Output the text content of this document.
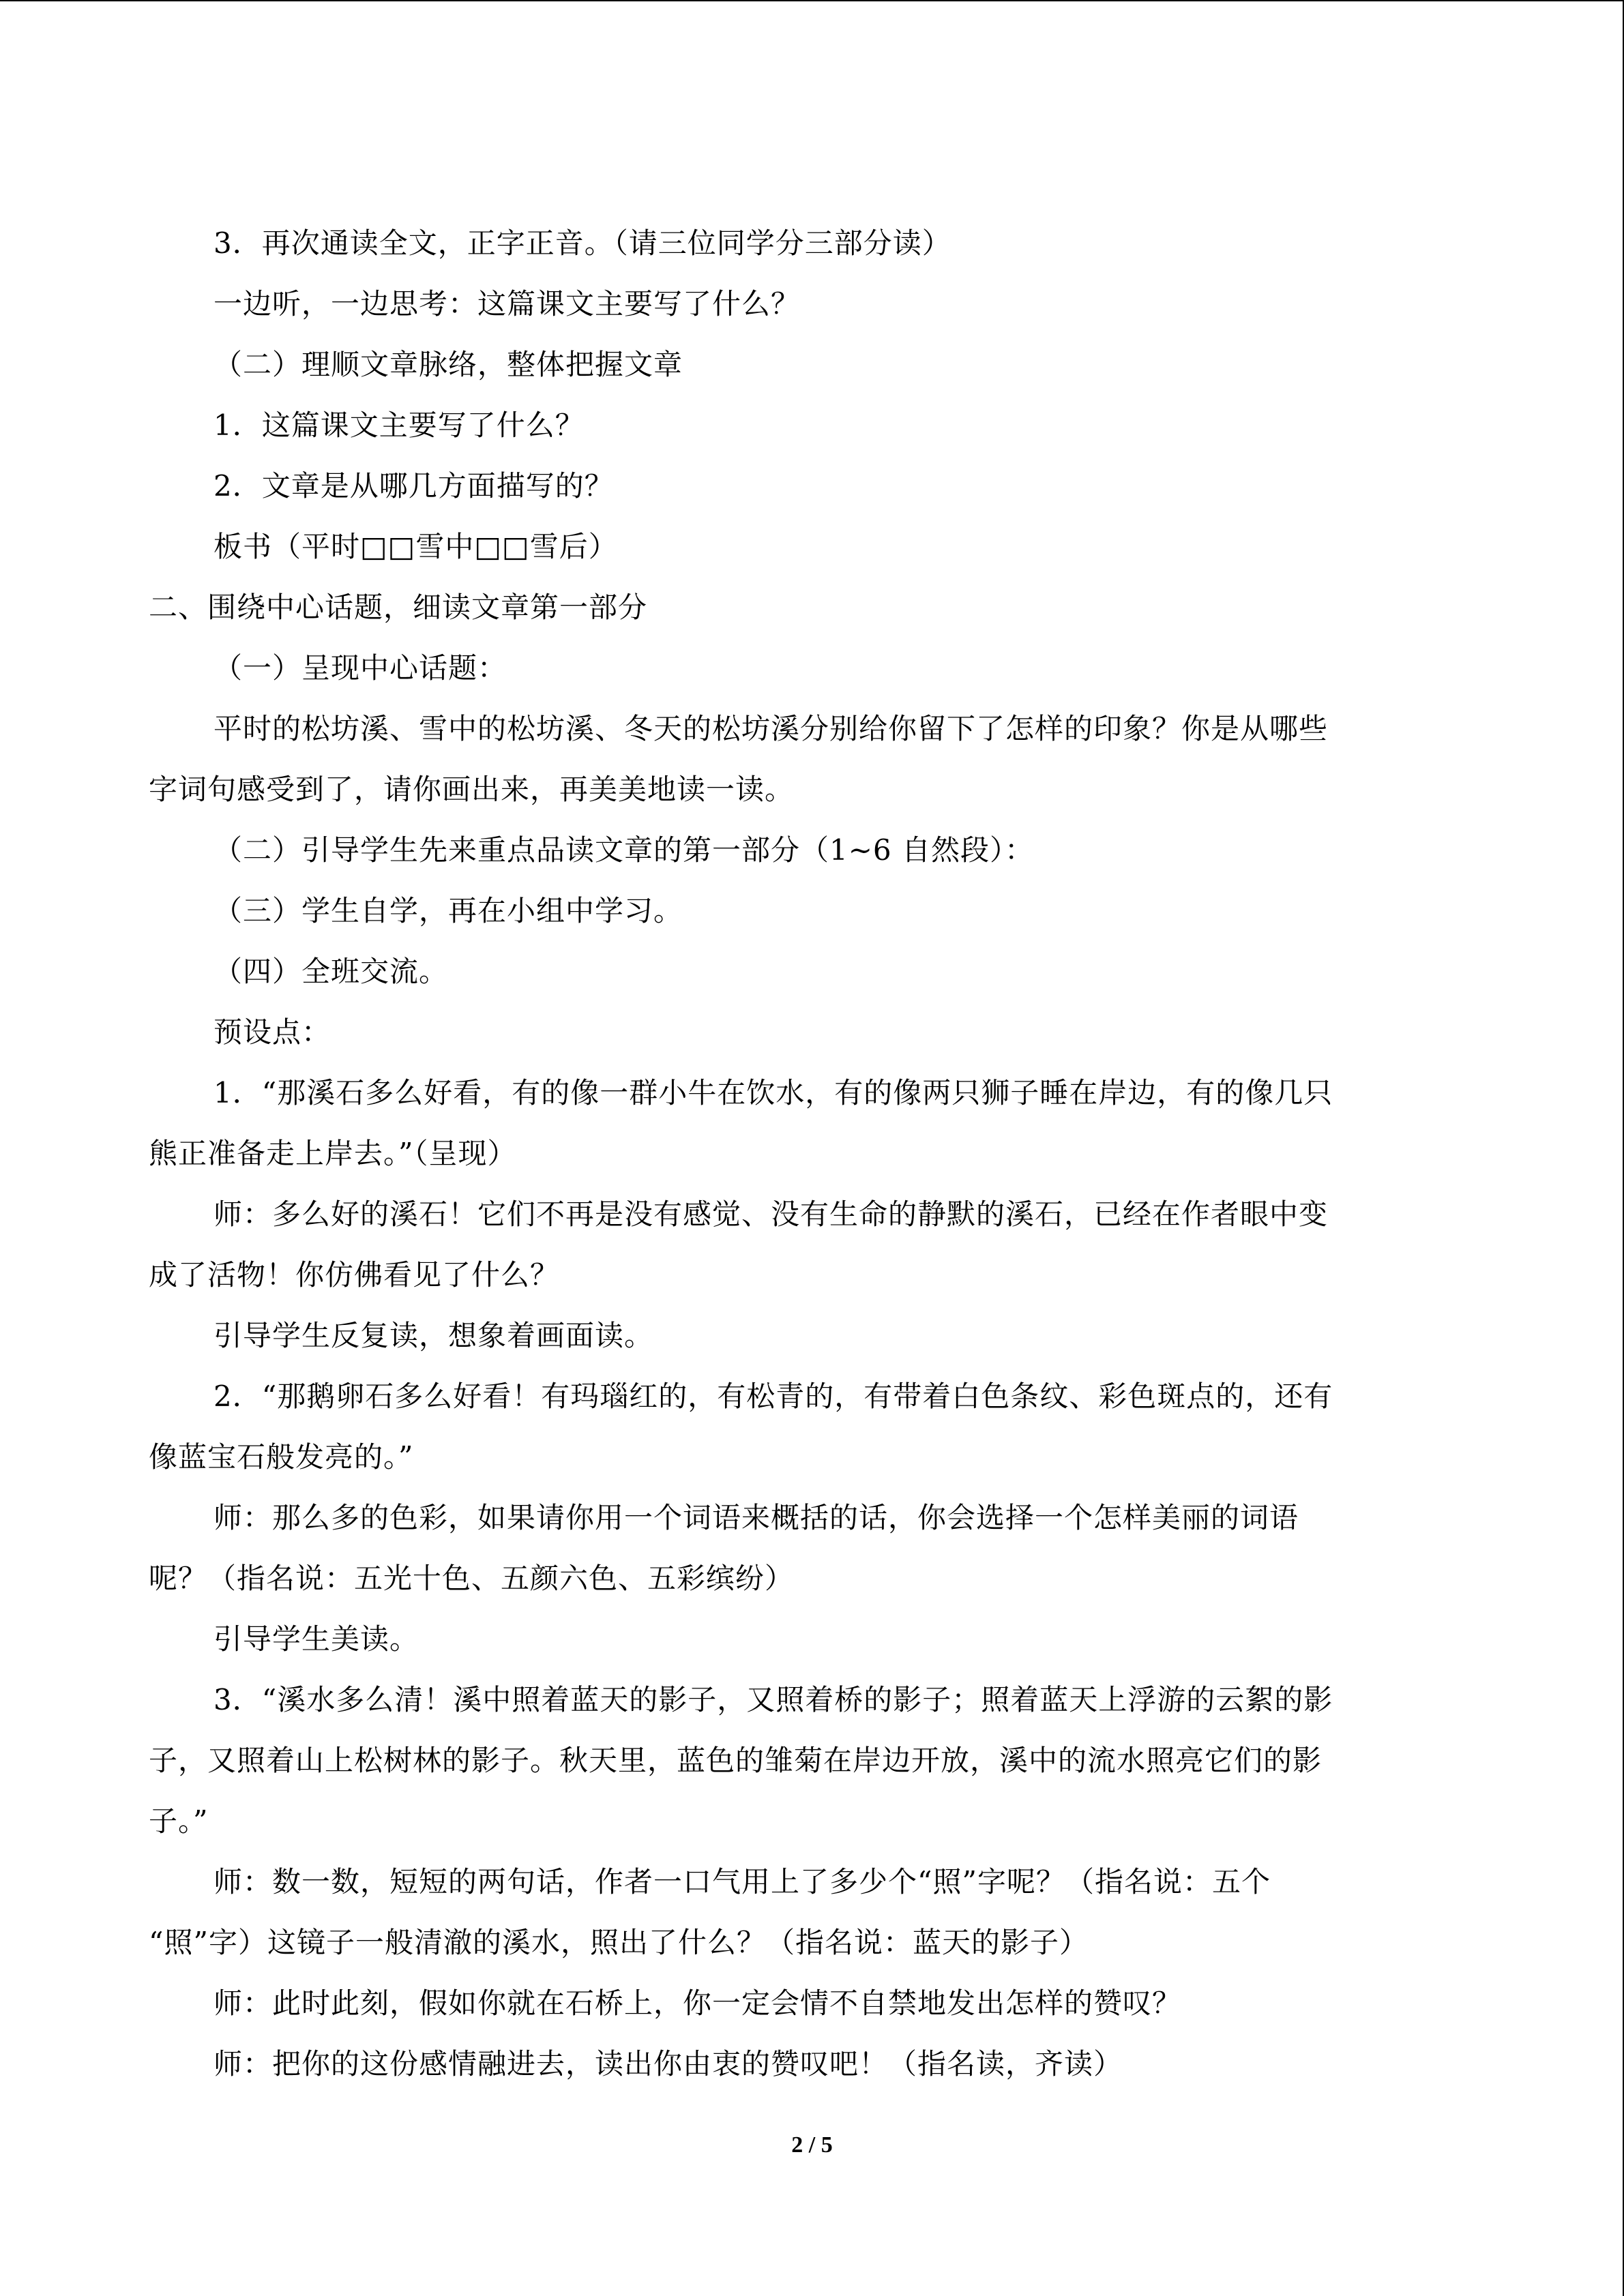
3．再次通读全文，正字正音。（请三位同学分三部分读）
一边听，一边思考：这篇课文主要写了什么？
（二）理顺文章脉络，整体把握文章
1．这篇课文主要写了什么？
2．文章是从哪几方面描写的？
板书（平时□□雪中□□雪后）
二、围绕中心话题，细读文章第一部分
（一）呈现中心话题：
平时的松坊溪、雪中的松坊溪、冬天的松坊溪分别给你留下了怎样的印象？你是从哪些
字词句感受到了，请你画出来，再美美地读一读。
（二）引导学生先来重点品读文章的第一部分（1~6 自然段）：
（三）学生自学，再在小组中学习。
（四）全班交流。
预设点：
1．“那溪石多么好看，有的像一群小牛在饮水，有的像两只狮子睡在岸边，有的像几只
熊正准备走上岸去。”（呈现）
师：多么好的溪石！它们不再是没有感觉、没有生命的静默的溪石，已经在作者眼中变
成了活物！你仿佛看见了什么？
引导学生反复读，想象着画面读。
2．“那鹅卵石多么好看！有玛瑙红的，有松青的，有带着白色条纹、彩色斑点的，还有
像蓝宝石般发亮的。”
师：那么多的色彩，如果请你用一个词语来概括的话，你会选择一个怎样美丽的词语
呢？（指名说：五光十色、五颜六色、五彩缤纷）
引导学生美读。
3．“溪水多么清！溪中照着蓝天的影子，又照着桥的影子；照着蓝天上浮游的云絮的影
子，又照着山上松树林的影子。秋天里，蓝色的雏菊在岸边开放，溪中的流水照亮它们的影
子。”
师：数一数，短短的两句话，作者一口气用上了多少个“照”字呢？（指名说：五个
“照”字）这镜子一般清澈的溪水，照出了什么？（指名说：蓝天的影子）
师：此时此刻，假如你就在石桥上，你一定会情不自禁地发出怎样的赞叹？
师：把你的这份感情融进去，读出你由衷的赞叹吧！（指名读，齐读）
2 / 5
